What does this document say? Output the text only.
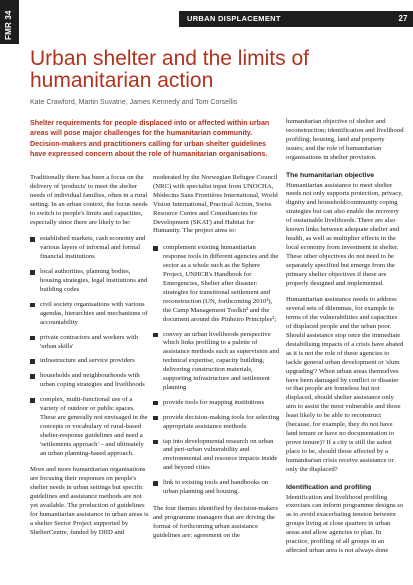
FMR 34	URBAN DISPLACEMENT	27
Urban shelter and the limits of humanitarian action
Kate Crawford, Martin Suvatne, James Kennedy and Tom Corsellis
Shelter requirements for people displaced into or affected within urban areas will pose major challenges for the humanitarian community. Decision-makers and practitioners calling for urban shelter guidelines have expressed concern about the role of humanitarian organisations.

Traditionally there has been a focus on the delivery of 'products' to meet the shelter needs of individual families, often in a rural setting. In an urban context, the focus needs to switch to people's limits and capacities, especially since there are likely to be:

established markets, cash economy and various layers of informal and formal financial institutions
local authorities, planning bodies, housing strategies, legal institutions and building codes
civil society organisations with various agendas, hierarchies and mechanisms of accountability
private contractors and workers with 'urban skills'
infrastructure and service providers
households and neighbourhoods with urban coping strategies and livelihoods
complex, multi-functional use of a variety of outdoor or public spaces. These are generally not envisaged in the concepts or vocabulary of rural-based shelter-response guidelines and need a 'settlements approach' – and ultimately an urban planning-based approach.

More and more humanitarian organisations are focusing their responses on people's shelter needs in urban settings but specific guidelines and assistance methods are not yet available. The production of guidelines for humanitarian assistance in urban areas is a shelter Sector Project supported by ShelterCentre, funded by DfID and

moderated by the Norwegian Refugee Council (NRC) with specialist input from UNOCHA, Médecins Sans Frontières International, World Vision International, Practical Action, Swiss Resource Centre and Consultancies for Development (SKAT) and Habitat for Humanity. The project aims to:

complement existing humanitarian response tools in different agencies and the sector as a whole such as the Sphere Project, UNHCR's Handbook for Emergencies, Shelter after disaster: strategies for transitional settlement and reconstruction (UN, forthcoming 2010¹), the Camp Management Toolkit² and the document around the Pinheiro Principles³;
convey an urban livelihoods perspective which links profiling to a palette of assistance methods such as supervision and technical expertise, capacity building, delivering construction materials, supporting infrastructure and settlement planning
provide tools for mapping institutions
provide decision-making tools for selecting appropriate assistance methods
tap into developmental research on urban and peri-urban vulnerability and environmental and resource impacts inside and beyond cities
link to existing tools and handbooks on urban planning and housing.

The four themes identified by decision-makers and programme managers that are driving the format of forthcoming urban assistance guidelines are: agreement on the

humanitarian objective of shelter and reconstruction; identification and livelihood profiling; housing, land and property issues; and the role of humanitarian organisations in shelter provision.

The humanitarian objective

Humanitarian assistance to meet shelter needs not only supports protection, privacy, dignity and household/community coping strategies but can also enable the recovery of sustainable livelihoods. There are also known links between adequate shelter and health, as well as multiplier effects in the local economy from investment in shelter. These other objectives do not need to be separately specified but emerge from the primary shelter objectives if these are properly designed and implemented.

Humanitarian assistance needs to address several sets of dilemmas, for example in terms of the vulnerabilities and capacities of displaced people and the urban poor. Should assistance stop once the immediate destabilising impacts of a crisis have abated as it is not the role of these agencies to tackle general urban development or 'slum upgrading'? When urban areas themselves have been damaged by conflict or disaster or that people are homeless but not displaced, should shelter assistance only aim to assist the most vulnerable and those least likely to be able to reconstruct (because, for example, they do not have land tenure or have no documentation to prove tenure)? If a city is still the safest place to be, should those affected by a humanitarian crisis receive assistance or only the displaced?

Identification and profiling

Identification and livelihood profiling exercises can inform programme designs so as to avoid exacerbating tension between groups living at close quarters in urban areas and allow agencies to plan. In practice, profiling of all groups in an affected urban area is not always done
